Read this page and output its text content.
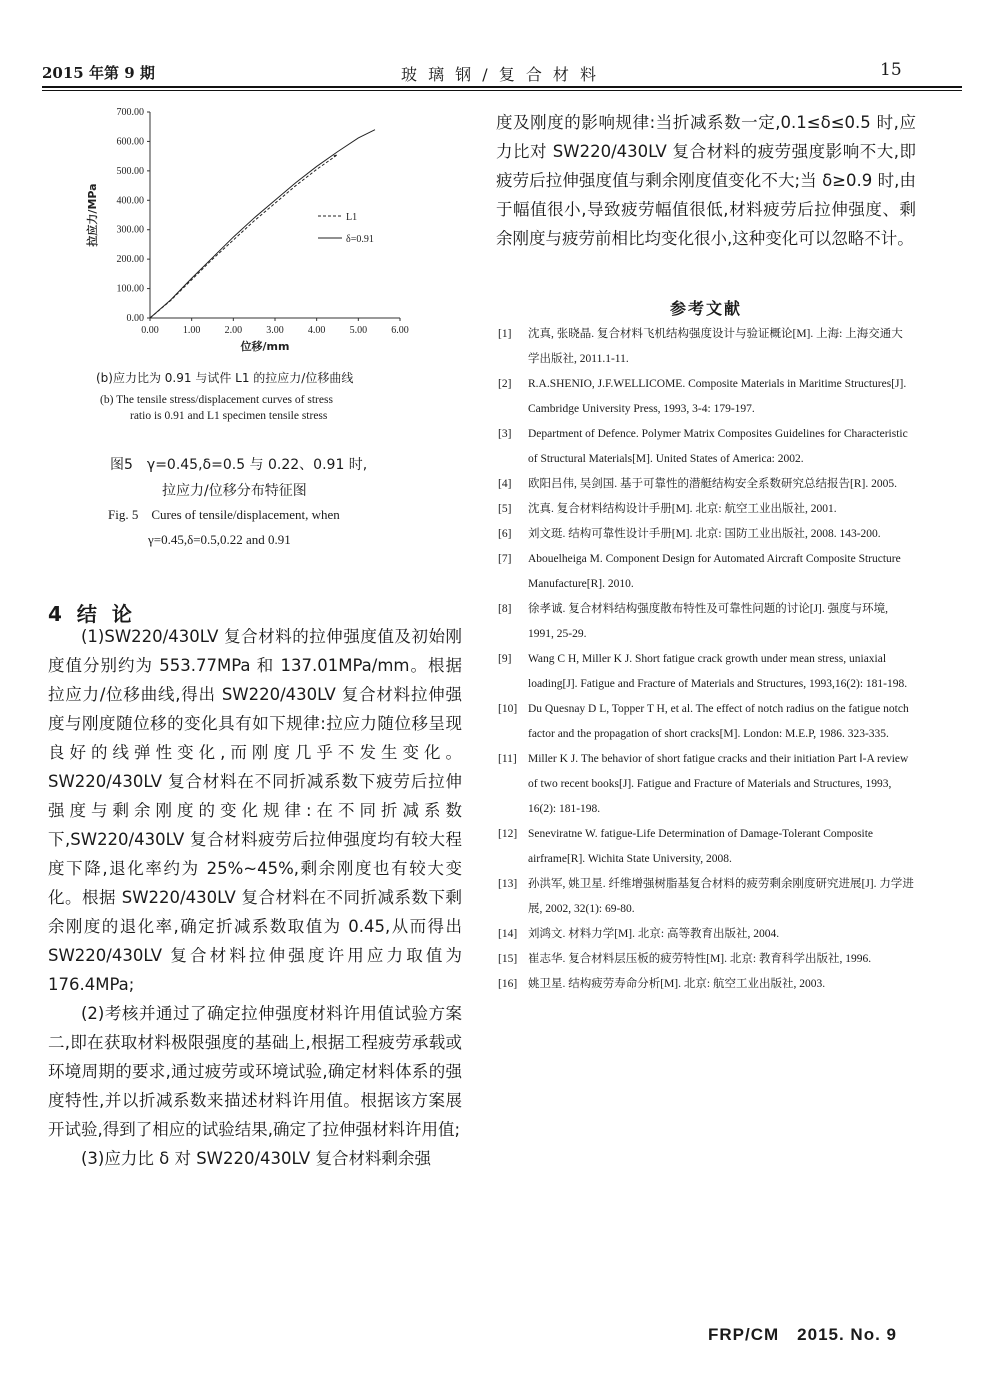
2015 年第 9 期	玻 璃 钢 / 复 合 材 料	15
0.00
100.00
200.00
300.00
400.00
500.00
600.00
700.00
0.00 1.00 2.00 3.00 4.00 5.00 6.00
L1
δ=0.91
位移/mm
拉应力/MPa
(b)应力比为 0.91 与试件 L1 的拉应力/位移曲线
(b) The tensile stress/displacement curves of stress
ratio is 0.91 and L1 specimen tensile stress
图5　γ=0.45,δ=0.5 与 0.22、0.91 时,
拉应力/位移分布特征图
Fig. 5　Cures of tensile/displacement, when
γ=0.45,δ=0.5,0.22 and 0.91
4 结 论

(1)SW220/430LV 复合材料的拉伸强度值及初始刚度值分别约为 553.77MPa 和 137.01MPa/mm。根据拉应力/位移曲线,得出 SW220/430LV 复合材料拉伸强度与刚度随位移的变化具有如下规律:拉应力随位移呈现良好的线弹性变化,而刚度几乎不发生变化。SW220/430LV 复合材料在不同折减系数下疲劳后拉伸强度与剩余刚度的变化规律:在不同折减系数下,SW220/430LV 复合材料疲劳后拉伸强度均有较大程度下降,退化率约为 25%~45%,剩余刚度也有较大变化。根据 SW220/430LV 复合材料在不同折减系数下剩余刚度的退化率,确定折减系数取值为 0.45,从而得出 SW220/430LV 复合材料拉伸强度许用应力取值为 176.4MPa;

(2)考核并通过了确定拉伸强度材料许用值试验方案二,即在获取材料极限强度的基础上,根据工程疲劳承载或环境周期的要求,通过疲劳或环境试验,确定材料体系的强度特性,并以折减系数来描述材料许用值。根据该方案展开试验,得到了相应的试验结果,确定了拉伸强材料许用值;

(3)应力比 δ 对 SW220/430LV 复合材料剩余强

度及刚度的影响规律:当折减系数一定,0.1≤δ≤0.5 时,应力比对 SW220/430LV 复合材料的疲劳强度影响不大,即疲劳后拉伸强度值与剩余刚度值变化不大;当 δ≥0.9 时,由于幅值很小,导致疲劳幅值很低,材料疲劳后拉伸强度、剩余刚度与疲劳前相比均变化很小,这种变化可以忽略不计。

参考文献
[1] 沈真, 张晓晶. 复合材料飞机结构强度设计与验证概论[M]. 上海: 上海交通大学出版社, 2011.1-11.
[2] R.A.SHENIO, J.F.WELLICOME. Composite Materials in Maritime Structures[J]. Cambridge University Press, 1993, 3-4: 179-197.
[3] Department of Defence. Polymer Matrix Composites Guidelines for Characteristic of Structural Materials[M]. United States of America: 2002.
[4] 欧阳吕伟, 吴剑国. 基于可靠性的潜艇结构安全系数研究总结报告[R]. 2005.
[5] 沈真. 复合材料结构设计手册[M]. 北京: 航空工业出版社, 2001.
[6] 刘文珽. 结构可靠性设计手册[M]. 北京: 国防工业出版社, 2008. 143-200.
[7] Abouelheiga M. Component Design for Automated Aircraft Composite Structure Manufacture[R]. 2010.
[8] 徐孝诚. 复合材料结构强度散布特性及可靠性问题的讨论[J]. 强度与环境, 1991, 25-29.
[9] Wang C H, Miller K J. Short fatigue crack growth under mean stress, uniaxial loading[J]. Fatigue and Fracture of Materials and Structures, 1993,16(2): 181-198.
[10] Du Quesnay D L, Topper T H, et al. The effect of notch radius on the fatigue notch factor and the propagation of short cracks[M]. London: M.E.P, 1986. 323-335.
[11] Miller K J. The behavior of short fatigue cracks and their initiation Part Ⅰ-A review of two recent books[J]. Fatigue and Fracture of Materials and Structures, 1993, 16(2): 181-198.
[12] Seneviratne W. fatigue-Life Determination of Damage-Tolerant Composite airframe[R]. Wichita State University, 2008.
[13] 孙洪军, 姚卫星. 纤维增强树脂基复合材料的疲劳剩余刚度研究进展[J]. 力学进展, 2002, 32(1): 69-80.
[14] 刘鸿文. 材料力学[M]. 北京: 高等教育出版社, 2004.
[15] 崔志华. 复合材料层压板的疲劳特性[M]. 北京: 教育科学出版社, 1996.
[16] 姚卫星. 结构疲劳寿命分析[M]. 北京: 航空工业出版社, 2003.
FRP/CM　2015. No. 9
